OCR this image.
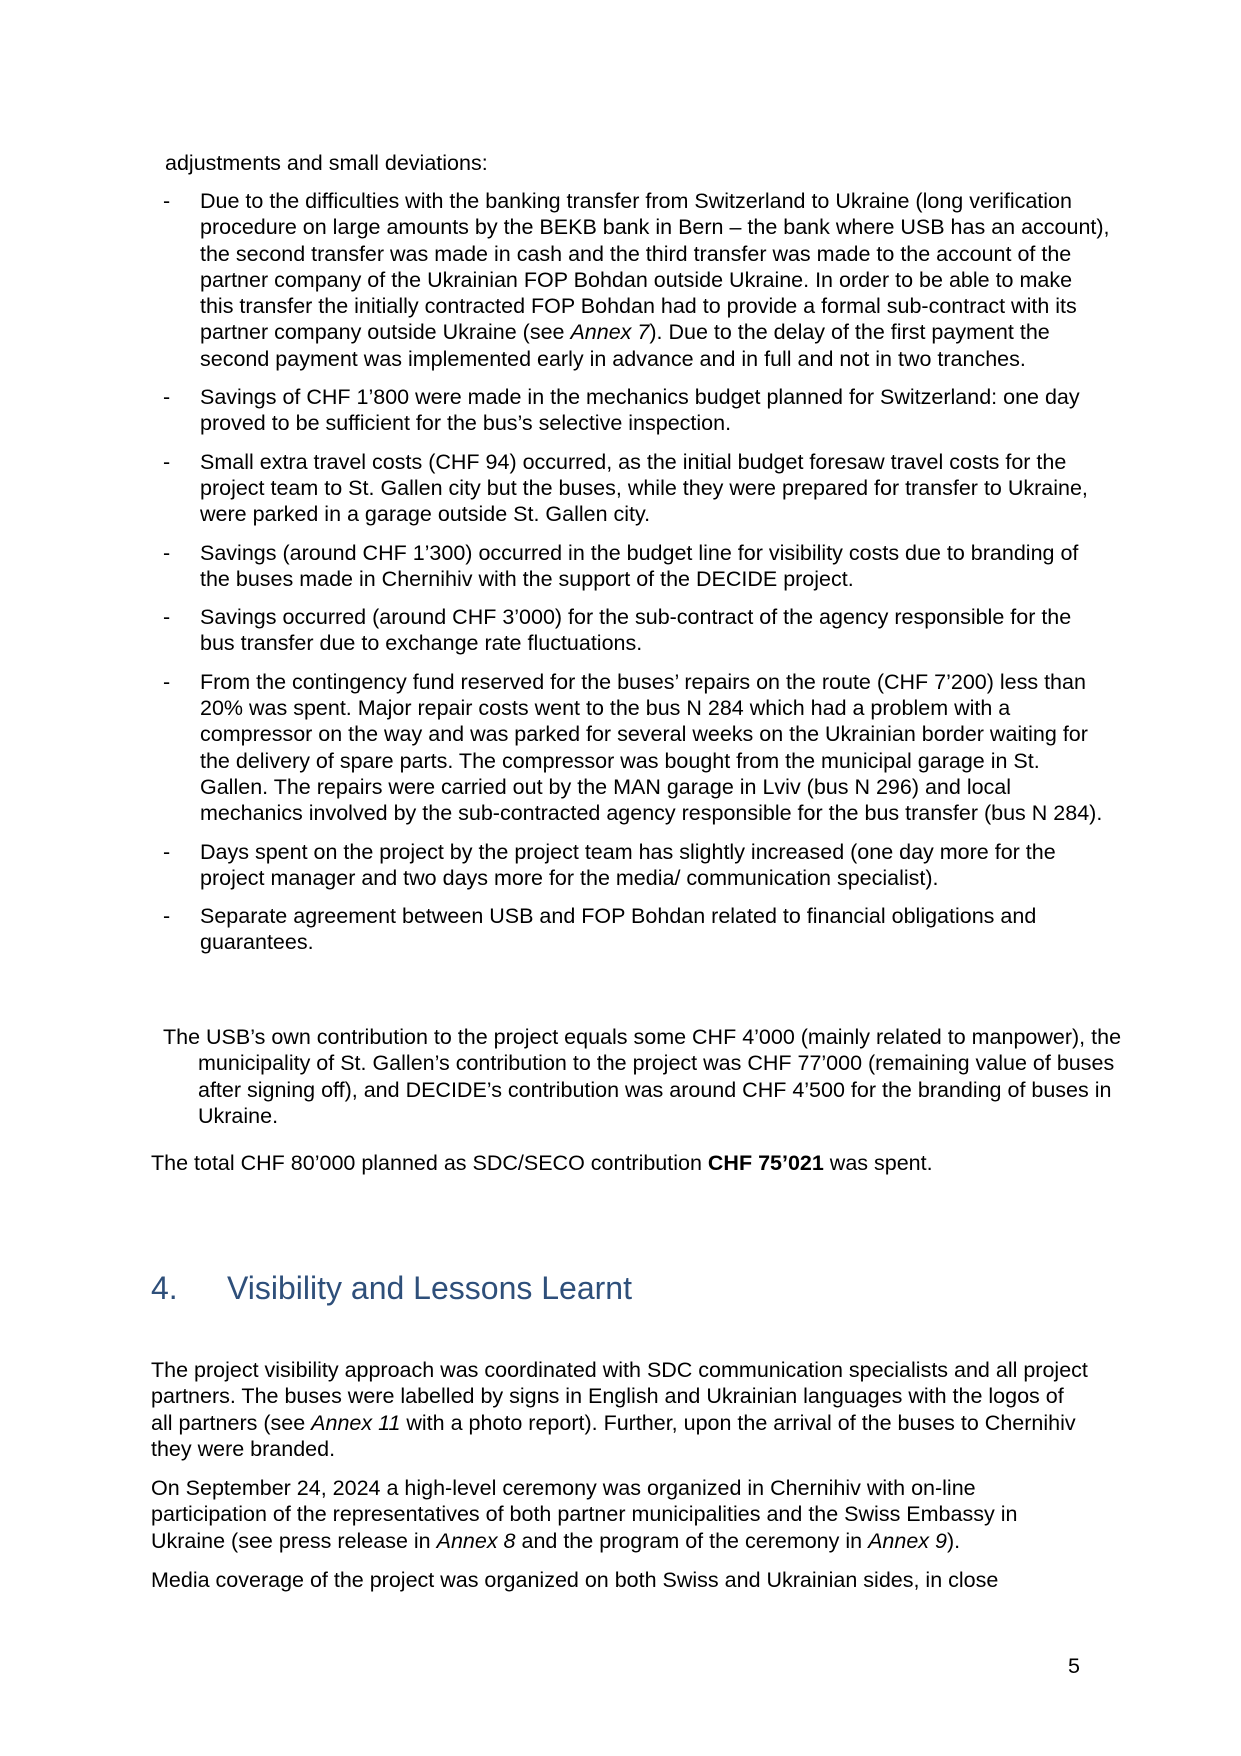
adjustments and small deviations:
- Due to the difficulties with the banking transfer from Switzerland to Ukraine (long verification procedure on large amounts by the BEKB bank in Bern – the bank where USB has an account), the second transfer was made in cash and the third transfer was made to the account of the partner company of the Ukrainian FOP Bohdan outside Ukraine. In order to be able to make this transfer the initially contracted FOP Bohdan had to provide a formal sub-contract with its partner company outside Ukraine (see Annex 7). Due to the delay of the first payment the second payment was implemented early in advance and in full and not in two tranches.
- Savings of CHF 1’800 were made in the mechanics budget planned for Switzerland: one day proved to be sufficient for the bus’s selective inspection.
- Small extra travel costs (CHF 94) occurred, as the initial budget foresaw travel costs for the project team to St. Gallen city but the buses, while they were prepared for transfer to Ukraine, were parked in a garage outside St. Gallen city.
- Savings (around CHF 1’300) occurred in the budget line for visibility costs due to branding of the buses made in Chernihiv with the support of the DECIDE project.
- Savings occurred (around CHF 3’000) for the sub-contract of the agency responsible for the bus transfer due to exchange rate fluctuations.
- From the contingency fund reserved for the buses’ repairs on the route (CHF 7’200) less than 20% was spent. Major repair costs went to the bus N 284 which had a problem with a compressor on the way and was parked for several weeks on the Ukrainian border waiting for the delivery of spare parts. The compressor was bought from the municipal garage in St. Gallen. The repairs were carried out by the MAN garage in Lviv (bus N 296) and local mechanics involved by the sub-contracted agency responsible for the bus transfer (bus N 284).
- Days spent on the project by the project team has slightly increased (one day more for the project manager and two days more for the media/ communication specialist).
- Separate agreement between USB and FOP Bohdan related to financial obligations and guarantees.
The USB’s own contribution to the project equals some CHF 4’000 (mainly related to manpower), the municipality of St. Gallen’s contribution to the project was CHF 77’000 (remaining value of buses after signing off), and DECIDE’s contribution was around CHF 4’500 for the branding of buses in Ukraine.
The total CHF 80’000 planned as SDC/SECO contribution CHF 75’021 was spent.
4. Visibility and Lessons Learnt

The project visibility approach was coordinated with SDC communication specialists and all project partners. The buses were labelled by signs in English and Ukrainian languages with the logos of all partners (see Annex 11 with a photo report). Further, upon the arrival of the buses to Chernihiv they were branded.

On September 24, 2024 a high-level ceremony was organized in Chernihiv with on-line participation of the representatives of both partner municipalities and the Swiss Embassy in Ukraine (see press release in Annex 8 and the program of the ceremony in Annex 9).

Media coverage of the project was organized on both Swiss and Ukrainian sides, in close

5
